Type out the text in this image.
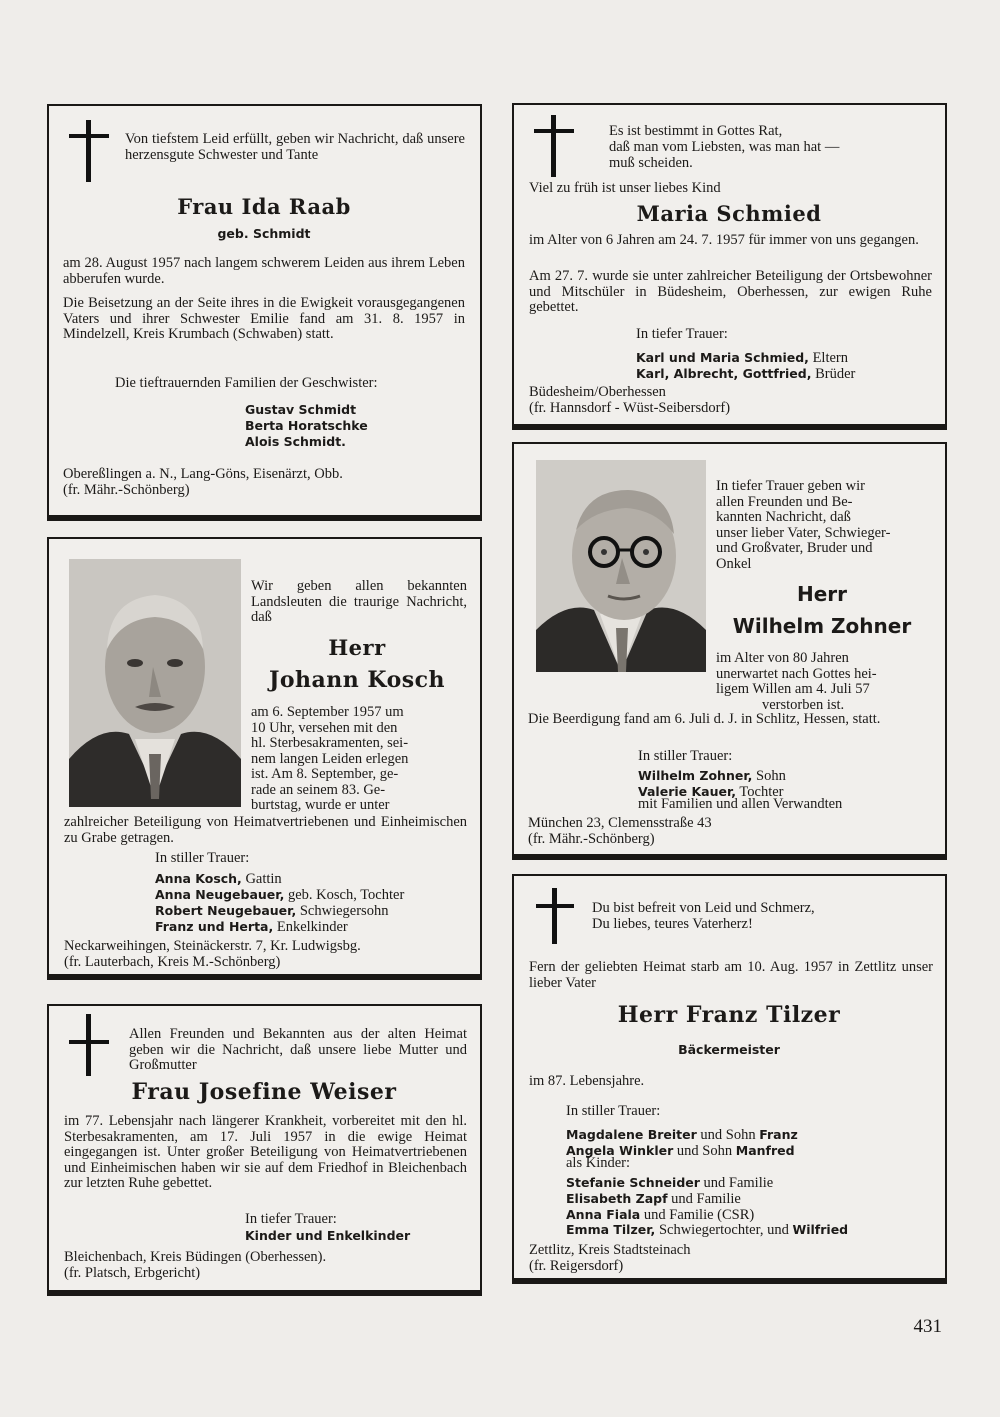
Von tiefstem Leid erfüllt, geben wir Nachricht, daß unsere herzensgute Schwester und Tante

Frau Ida Raab
geb. Schmidt

am 28. August 1957 nach langem schwerem Leiden aus ihrem Leben abberufen wurde.

Die Beisetzung an der Seite ihres in die Ewigkeit vorausgegangenen Vaters und ihrer Schwester Emilie fand am 31. 8. 1957 in Mindelzell, Kreis Krumbach (Schwaben) statt.

Die tieftrauernden Familien der Geschwister:

Gustav Schmidt
Berta Horatschke
Alois Schmidt.

Obereßlingen a. N., Lang-Göns, Eisenärzt, Obb.

(fr. Mähr.-Schönberg)

Es ist bestimmt in Gottes Rat,
daß man vom Liebsten, was man hat —
muß scheiden.

Viel zu früh ist unser liebes Kind

Maria Schmied

im Alter von 6 Jahren am 24. 7. 1957 für immer von uns gegangen.

Am 27. 7. wurde sie unter zahlreicher Beteiligung der Ortsbewohner und Mitschüler in Büdesheim, Oberhessen, zur ewigen Ruhe gebettet.

In tiefer Trauer:

Karl und Maria Schmied, Eltern
Karl, Albrecht, Gottfried, Brüder

Büdesheim/Oberhessen

(fr. Hannsdorf - Wüst-Seibersdorf)

Wir geben allen bekannten Landsleuten die traurige Nachricht, daß

Herr
Johann Kosch
am 6. September 1957 um
10 Uhr, versehen mit den
hl. Sterbesakramenten, sei-
nem langen Leiden erlegen
ist. Am 8. September, ge-
rade an seinem 83. Ge-
burtstag, wurde er unter

zahlreicher Beteiligung von Heimatvertriebenen und Einheimischen zu Grabe getragen.

In stiller Trauer:

Anna Kosch, Gattin
Anna Neugebauer, geb. Kosch, Tochter
Robert Neugebauer, Schwiegersohn
Franz und Herta, Enkelkinder

Neckarweihingen, Steinäckerstr. 7, Kr. Ludwigsbg.

(fr. Lauterbach, Kreis M.-Schönberg)

In tiefer Trauer geben wir
allen Freunden und Be-
kannten Nachricht, daß
unser lieber Vater, Schwieger-
und Großvater, Bruder und
Onkel
Herr
Wilhelm Zohner
im Alter von 80 Jahren
unerwartet nach Gottes hei-
ligem Willen am 4. Juli 57
verstorben ist.

Die Beerdigung fand am 6. Juli d. J. in Schlitz, Hessen, statt.

In stiller Trauer:

Wilhelm Zohner, Sohn
Valerie Kauer, Tochter
mit Familien und allen Verwandten

München 23, Clemensstraße 43

(fr. Mähr.-Schönberg)

Allen Freunden und Bekannten aus der alten Heimat geben wir die Nachricht, daß unsere liebe Mutter und Großmutter

Frau Josefine Weiser

im 77. Lebensjahr nach längerer Krankheit, vorbereitet mit den hl. Sterbesakramenten, am 17. Juli 1957 in die ewige Heimat eingegangen ist. Unter großer Beteiligung von Heimatvertriebenen und Einheimischen haben wir sie auf dem Friedhof in Bleichenbach zur letzten Ruhe gebettet.

In tiefer Trauer:

Kinder und Enkelkinder

Bleichenbach, Kreis Büdingen (Oberhessen).

(fr. Platsch, Erbgericht)

Du bist befreit von Leid und Schmerz,
Du liebes, teures Vaterherz!

Fern der geliebten Heimat starb am 10. Aug. 1957 in Zettlitz unser lieber Vater

Herr Franz Tilzer
Bäckermeister

im 87. Lebensjahre.

In stiller Trauer:

Magdalene Breiter und Sohn Franz
Angela Winkler und Sohn Manfred
als Kinder:
Stefanie Schneider und Familie
Elisabeth Zapf und Familie
Anna Fiala und Familie (CSR)
Emma Tilzer, Schwiegertochter, und Wilfried

Zettlitz, Kreis Stadtsteinach

(fr. Reigersdorf)

431
